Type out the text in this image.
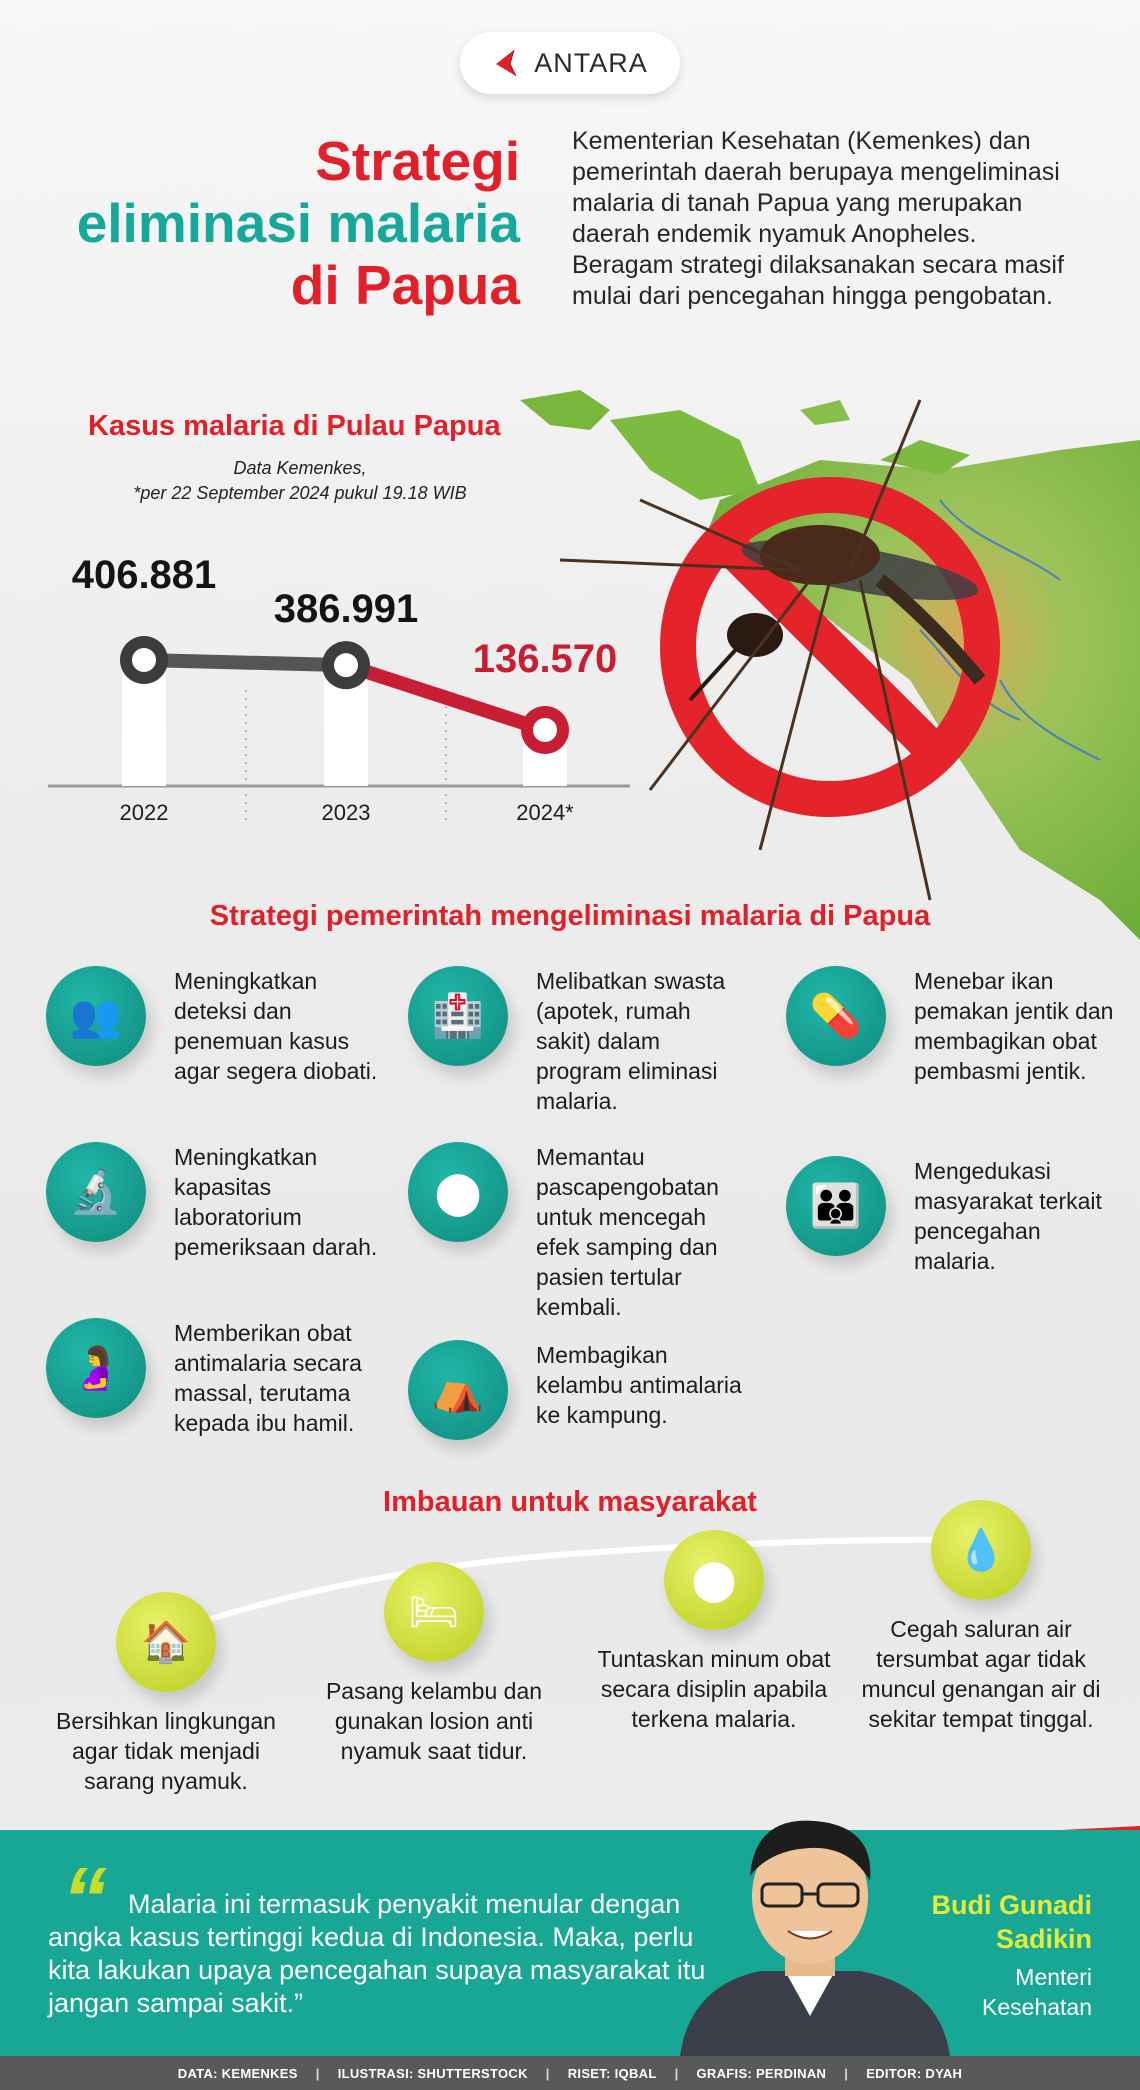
ANTARA
Strategi
eliminasi malaria
di Papua
Kementerian Kesehatan (Kemenkes) dan pemerintah daerah berupaya mengeliminasi malaria di tanah Papua yang merupakan daerah endemik nyamuk Anopheles. Beragam strategi dilaksanakan secara masif mulai dari pencegahan hingga pengobatan.
Kasus malaria di Pulau Papua
Data Kemenkes,
*per 22 September 2024 pukul 19.18 WIB
406.881
386.991
136.570
2022	2023	2024*
Strategi pemerintah mengeliminasi malaria di Papua
👥
Meningkatkan deteksi dan penemuan kasus agar segera diobati.
🏥
Melibatkan swasta (apotek, rumah sakit) dalam program eliminasi malaria.
💊
Menebar ikan pemakan jentik dan membagikan obat pembasmi jentik.
🔬
Meningkatkan kapasitas laboratorium pemeriksaan darah.
⬤
Memantau pascapengobatan untuk mencegah efek samping dan pasien tertular kembali.
👪
Mengedukasi masyarakat terkait pencegahan malaria.
🤰
Memberikan obat antimalaria secara massal, terutama kepada ibu hamil.
⛺
Membagikan kelambu antimalaria ke kampung.
Imbauan untuk masyarakat
🏠
Bersihkan lingkungan agar tidak menjadi sarang nyamuk.
🛏
Pasang kelambu dan gunakan losion anti nyamuk saat tidur.
⬤
Tuntaskan minum obat secara disiplin apabila terkena malaria.
💧
Cegah saluran air tersumbat agar tidak muncul genangan air di sekitar tempat tinggal.
“ Malaria ini termasuk penyakit menular dengan angka kasus tertinggi kedua di Indonesia. Maka, perlu kita lakukan upaya pencegahan supaya masyarakat itu jangan sampai sakit.”
Budi Gunadi
Sadikin
Menteri
Kesehatan
DATA: KEMENKES | ILUSTRASI: SHUTTERSTOCK | RISET: IQBAL | GRAFIS: PERDINAN | EDITOR: DYAH
